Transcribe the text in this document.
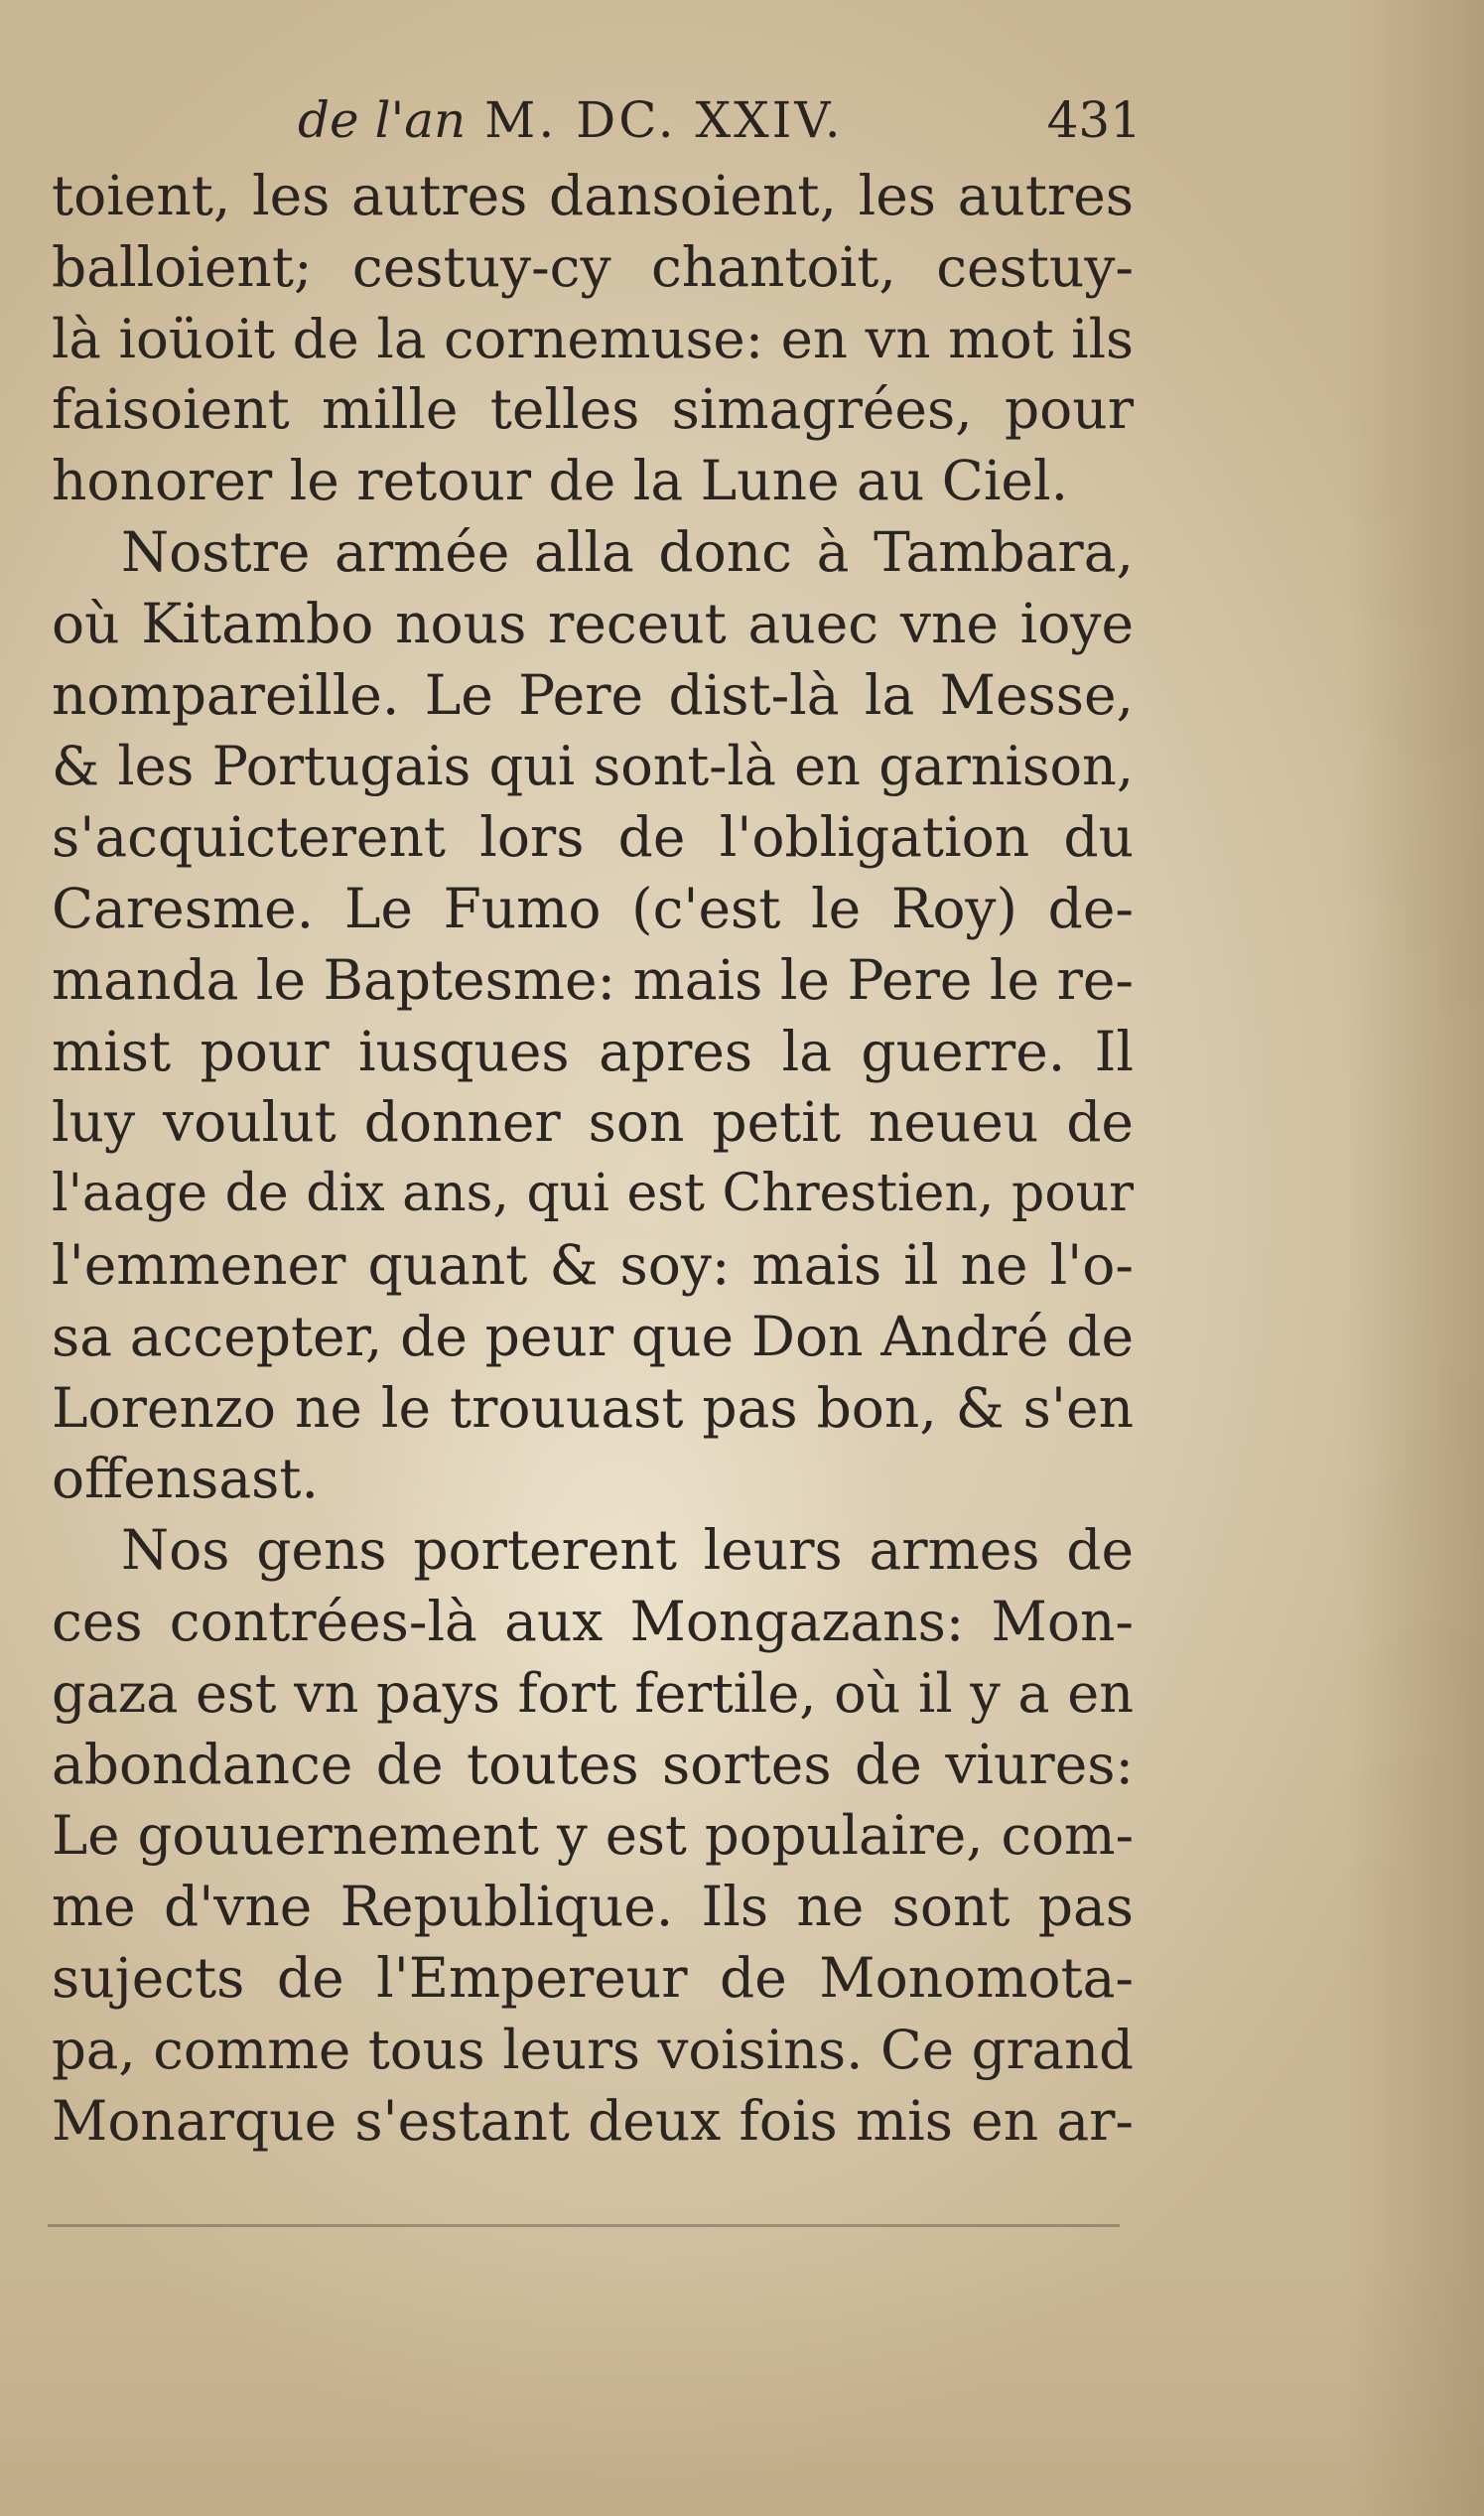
de l'an M. DC. XXIV.	431
toient, les autres dansoient, les autres
balloient; cestuy-cy chantoit, cestuy-
là ioüoit de la cornemuse: en vn mot ils
faisoient mille telles simagrées, pour
honorer le retour de la Lune au Ciel.
Nostre armée alla donc à Tambara,
où Kitambo nous receut auec vne ioye
nompareille. Le Pere dist-là la Messe,
& les Portugais qui sont-là en garnison,
s'acquicterent lors de l'obligation du
Caresme. Le Fumo (c'est le Roy) de-
manda le Baptesme: mais le Pere le re-
mist pour iusques apres la guerre. Il
luy voulut donner son petit neueu de
l'aage de dix ans, qui est Chrestien, pour
l'emmener quant & soy: mais il ne l'o-
sa accepter, de peur que Don André de
Lorenzo ne le trouuast pas bon, & s'en
offensast.
Nos gens porterent leurs armes de
ces contrées-là aux Mongazans: Mon-
gaza est vn pays fort fertile, où il y a en
abondance de toutes sortes de viures:
Le gouuernement y est populaire, com-
me d'vne Republique. Ils ne sont pas
sujects de l'Empereur de Monomota-
pa, comme tous leurs voisins. Ce grand
Monarque s'estant deux fois mis en ar-
